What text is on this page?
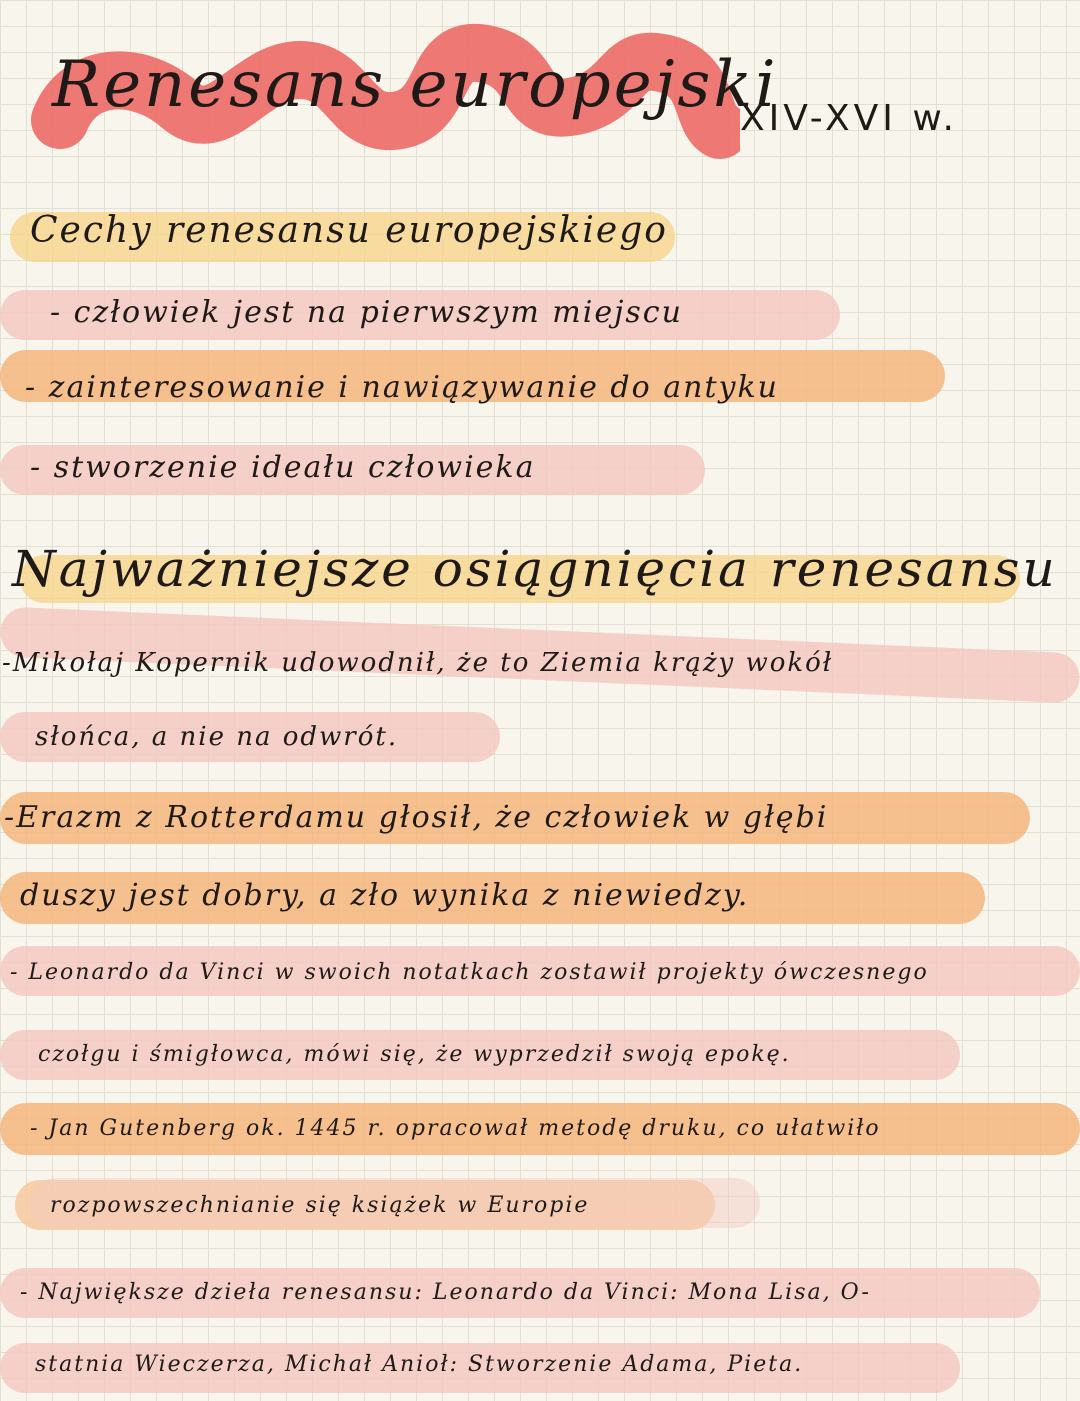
Renesans europejski
XIV-XVI w.
Cechy renesansu europejskiego
- człowiek jest na pierwszym miejscu
- zainteresowanie i nawiązywanie do antyku
- stworzenie ideału człowieka
Najważniejsze osiągnięcia renesansu
-Mikołaj Kopernik udowodnił, że to Ziemia krąży wokół
słońca, a nie na odwrót.
-Erazm z Rotterdamu głosił, że człowiek w głębi
duszy jest dobry, a zło wynika z niewiedzy.
- Leonardo da Vinci w swoich notatkach zostawił projekty ówczesnego
czołgu i śmigłowca, mówi się, że wyprzedził swoją epokę.
- Jan Gutenberg ok. 1445 r. opracował metodę druku, co ułatwiło
rozpowszechnianie się książek w Europie
- Największe dzieła renesansu: Leonardo da Vinci: Mona Lisa, O-
statnia Wieczerza, Michał Anioł: Stworzenie Adama, Pieta.
